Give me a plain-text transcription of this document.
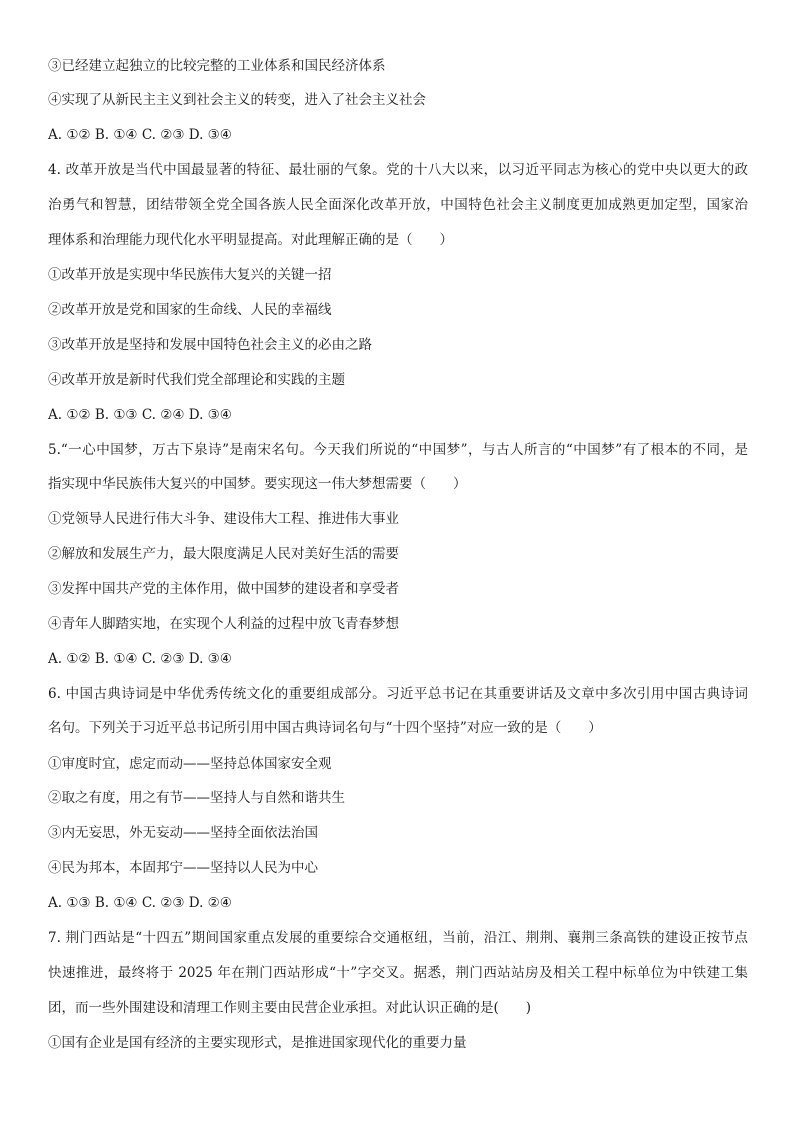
③已经建立起独立的比较完整的工业体系和国民经济体系
④实现了从新民主主义到社会主义的转变，进入了社会主义社会
A. ①② B. ①④ C. ②③ D. ③④
4. 改革开放是当代中国最显著的特征、最壮丽的气象。党的十八大以来，以习近平同志为核心的党中央以更大的政
治勇气和智慧，团结带领全党全国各族人民全面深化改革开放，中国特色社会主义制度更加成熟更加定型，国家治
理体系和治理能力现代化水平明显提高。对此理解正确的是（　　）
①改革开放是实现中华民族伟大复兴的关键一招
②改革开放是党和国家的生命线、人民的幸福线
③改革开放是坚持和发展中国特色社会主义的必由之路
④改革开放是新时代我们党全部理论和实践的主题
A. ①② B. ①③ C. ②④ D. ③④
5.“一心中国梦，万古下泉诗”是南宋名句。今天我们所说的“中国梦”，与古人所言的“中国梦”有了根本的不同，是
指实现中华民族伟大复兴的中国梦。要实现这一伟大梦想需要（　　）
①党领导人民进行伟大斗争、建设伟大工程、推进伟大事业
②解放和发展生产力，最大限度满足人民对美好生活的需要
③发挥中国共产党的主体作用，做中国梦的建设者和享受者
④青年人脚踏实地，在实现个人利益的过程中放飞青春梦想
A. ①② B. ①④ C. ②③ D. ③④
6. 中国古典诗词是中华优秀传统文化的重要组成部分。习近平总书记在其重要讲话及文章中多次引用中国古典诗词
名句。下列关于习近平总书记所引用中国古典诗词名句与“十四个坚持”对应一致的是（　　）
①审度时宜，虑定而动——坚持总体国家安全观
②取之有度，用之有节——坚持人与自然和谐共生
③内无妄思，外无妄动——坚持全面依法治国
④民为邦本，本固邦宁——坚持以人民为中心
A. ①③ B. ①④ C. ②③ D. ②④
7. 荆门西站是“十四五”期间国家重点发展的重要综合交通枢纽，当前，沿江、荆荆、襄荆三条高铁的建设正按节点
快速推进，最终将于 2025 年在荆门西站形成“十”字交叉。据悉，荆门西站站房及相关工程中标单位为中铁建工集
团，而一些外围建设和清理工作则主要由民营企业承担。对此认识正确的是(　　)
①国有企业是国有经济的主要实现形式，是推进国家现代化的重要力量
